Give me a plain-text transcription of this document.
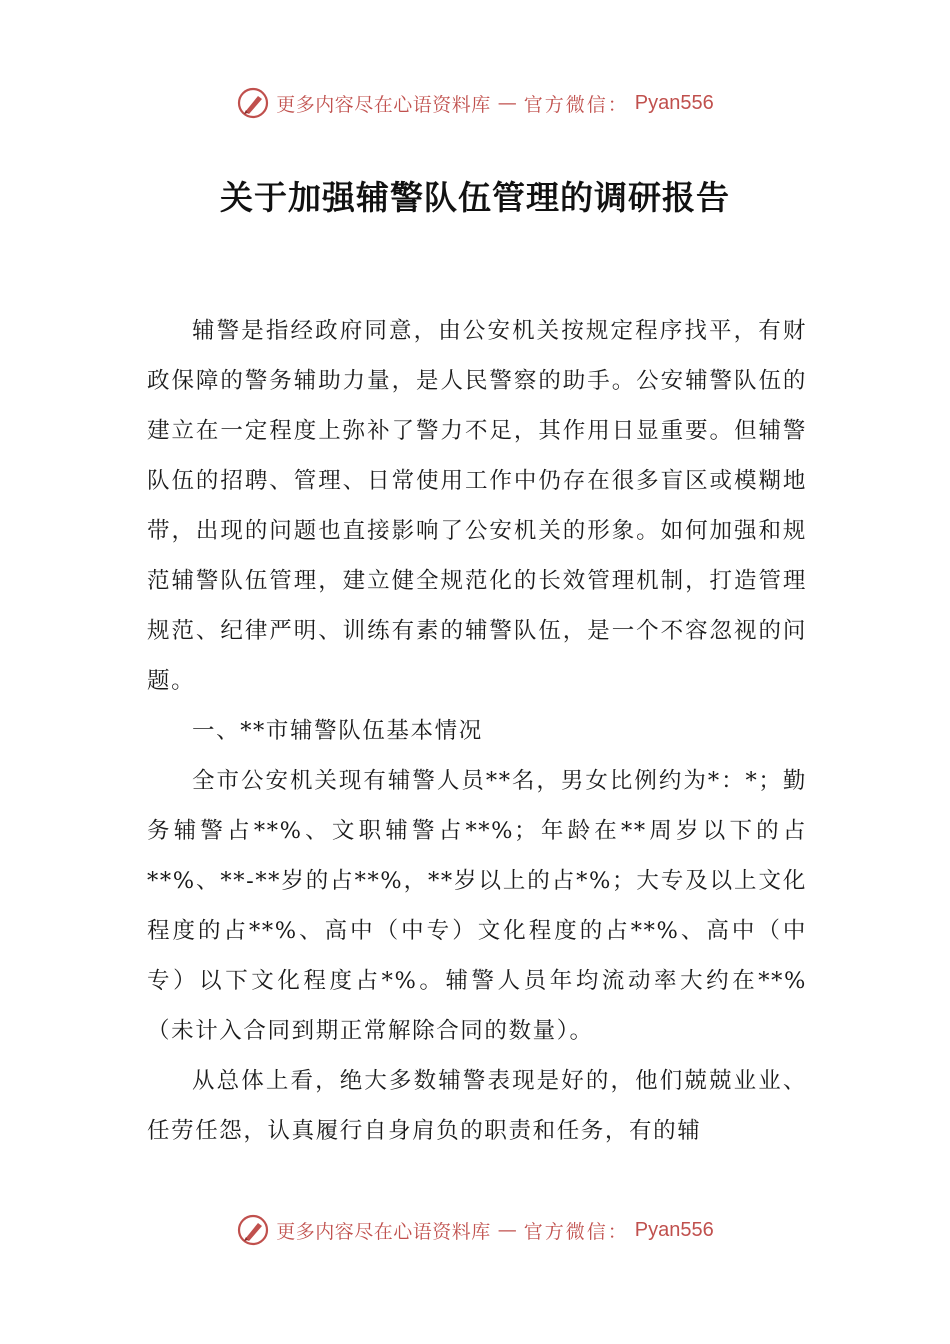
更多内容尽在心语资料库 — 官方微信： Pyan556
关于加强辅警队伍管理的调研报告

辅警是指经政府同意，由公安机关按规定程序找平，有财政保障的警务辅助力量，是人民警察的助手。公安辅警队伍的建立在一定程度上弥补了警力不足，其作用日显重要。但辅警队伍的招聘、管理、日常使用工作中仍存在很多盲区或模糊地带，出现的问题也直接影响了公安机关的形象。如何加强和规范辅警队伍管理，建立健全规范化的长效管理机制，打造管理规范、纪律严明、训练有素的辅警队伍，是一个不容忽视的问题。

一、**市辅警队伍基本情况

全市公安机关现有辅警人员**名，男女比例约为*：*；勤务辅警占**%、文职辅警占**%；年龄在**周岁以下的占**%、**-**岁的占**%，**岁以上的占*%；大专及以上文化程度的占**%、高中（中专）文化程度的占**%、高中（中专）以下文化程度占*%。辅警人员年均流动率大约在**%（未计入合同到期正常解除合同的数量）。

从总体上看，绝大多数辅警表现是好的，他们兢兢业业、任劳任怨，认真履行自身肩负的职责和任务，有的辅

更多内容尽在心语资料库 — 官方微信： Pyan556
